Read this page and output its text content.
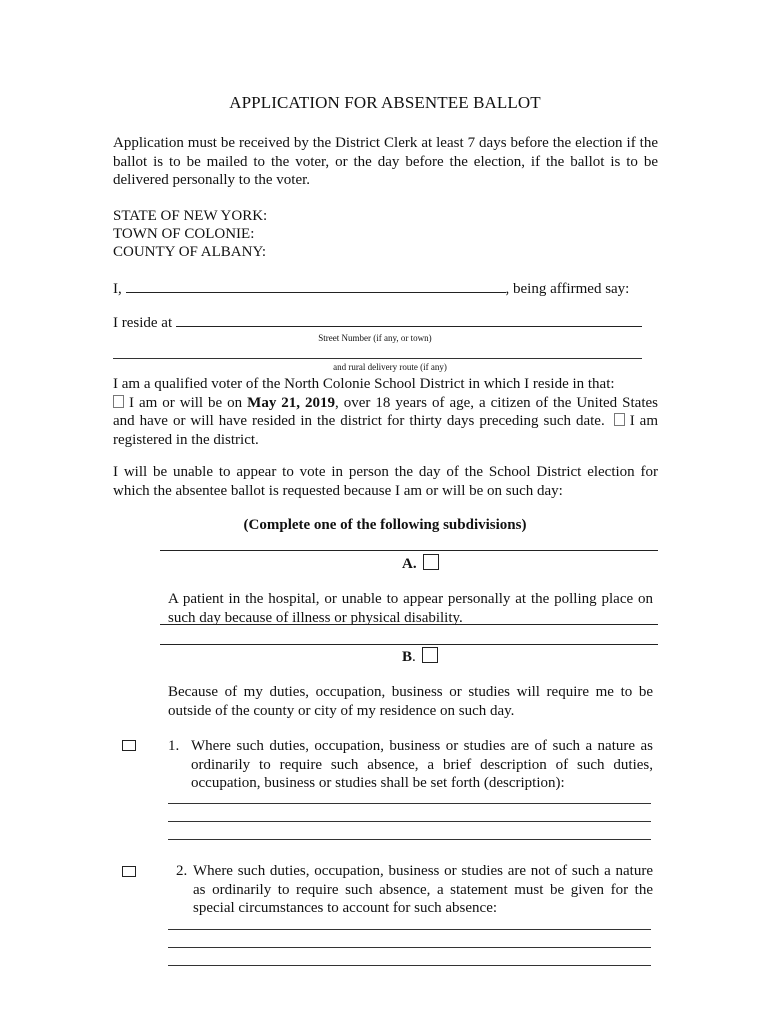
APPLICATION FOR ABSENTEE BALLOT
Application must be received by the District Clerk at least 7 days before the election if the ballot is to be mailed to the voter, or the day before the election, if the ballot is to be delivered personally to the voter.
STATE OF NEW YORK:
TOWN OF COLONIE:
COUNTY OF ALBANY:
I,	, being affirmed say:
I reside at
Street Number (if any, or town)
and rural delivery route (if any)
I am a qualified voter of the North Colonie School District in which I reside in that:
I am or will be on May 21, 2019, over 18 years of age, a citizen of the United States and have or will have resided in the district for thirty days preceding such date. I am registered in the district.
I will be unable to appear to vote in person the day of the School District election for which the absentee ballot is requested because I am or will be on such day:
(Complete one of the following subdivisions)
A.
A patient in the hospital, or unable to appear personally at the polling place on such day because of illness or physical disability.
B.
Because of my duties, occupation, business or studies will require me to be outside of the county or city of my residence on such day.
1. Where such duties, occupation, business or studies are of such a nature as ordinarily to require such absence, a brief description of such duties, occupation, business or studies shall be set forth (description):
2. Where such duties, occupation, business or studies are not of such a nature as ordinarily to require such absence, a statement must be given for the special circumstances to account for such absence:
